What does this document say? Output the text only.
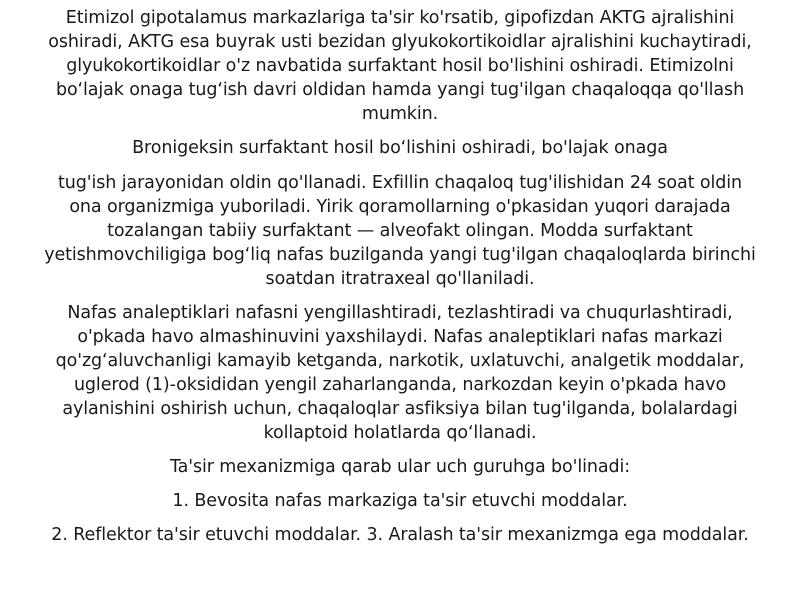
Etimizol gipotalamus markazlariga ta'sir ko'rsatib, gipofizdan AKTG ajralishini
oshiradi, AKTG esa buyrak usti bezidan glyukokortikoidlar ajralishini kuchaytiradi,
glyukokortikoidlar o'z navbatida surfaktant hosil bo'lishini oshiradi. Etimizolni
bo‘lajak onaga tug‘ish davri oldidan hamda yangi tug'ilgan chaqaloqqa qo'llash
mumkin.

Bronigeksin surfaktant hosil bo‘lishini oshiradi, bo'lajak onaga

tug'ish jarayonidan oldin qo'llanadi. Exfillin chaqaloq tug'ilishidan 24 soat oldin
ona organizmiga yuboriladi. Yirik qoramollarning o'pkasidan yuqori darajada
tozalangan tabiiy surfaktant — alveofakt olingan. Modda surfaktant
yetishmovchiligiga bog‘liq nafas buzilganda yangi tug'ilgan chaqaloqlarda birinchi
soatdan itratraxeal qo'llaniladi.

Nafas analeptiklari nafasni yengillashtiradi, tezlashtiradi va chuqurlashtiradi,
o'pkada havo almashinuvini yaxshilaydi. Nafas analeptiklari nafas markazi
qo'zg‘aluvchanligi kamayib ketganda, narkotik, uxlatuvchi, analgetik moddalar,
uglerod (1)-oksididan yengil zaharlanganda, narkozdan keyin o'pkada havo
aylanishini oshirish uchun, chaqaloqlar asfiksiya bilan tug'ilganda, bolalardagi
kollaptoid holatlarda qo‘llanadi.

Ta'sir mexanizmiga qarab ular uch guruhga bo'linadi:

1. Bevosita nafas markaziga ta'sir etuvchi moddalar.

2. Reflektor ta'sir etuvchi moddalar. 3. Aralash ta'sir mexanizmga ega moddalar.
